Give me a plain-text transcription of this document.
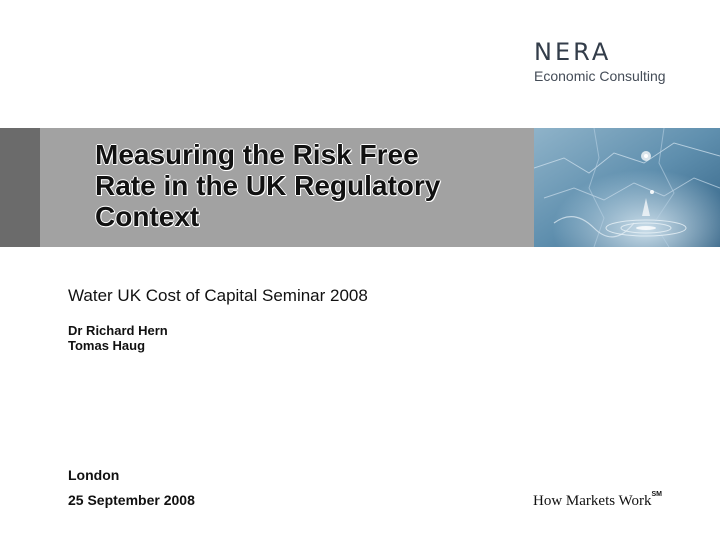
NERA
Economic Consulting
Measuring the Risk Free
Rate in the UK Regulatory
Context
Water UK Cost of Capital Seminar 2008
Dr Richard Hern
Tomas Haug
London
25 September 2008	How Markets Work℠
